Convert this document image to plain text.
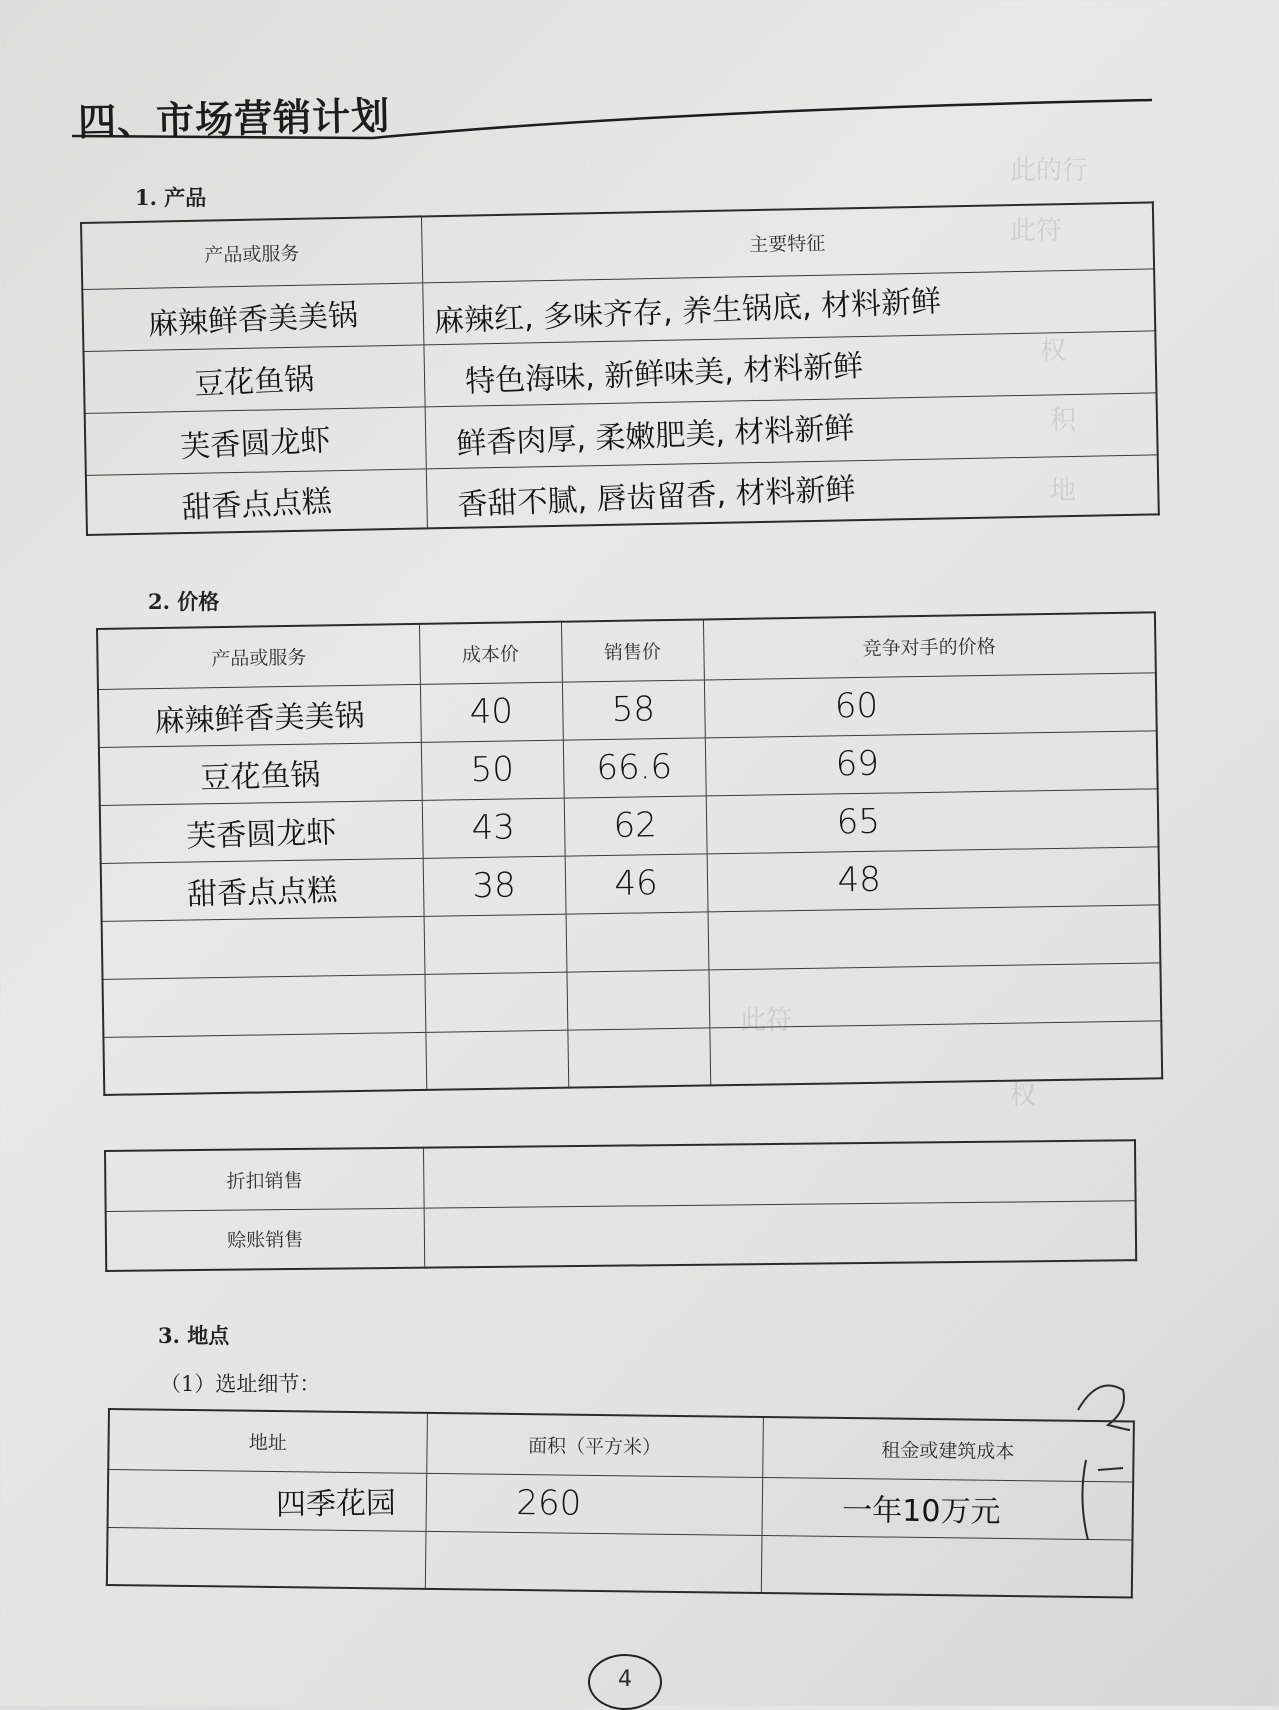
此的行
此符
权
积
地
此符
权
四、市场营销计划
1. 产品
产品或服务	主要特征
麻辣鲜香美美锅	麻辣红, 多味齐存, 养生锅底, 材料新鲜
豆花鱼锅	特色海味, 新鲜味美, 材料新鲜
芙香圆龙虾	鲜香肉厚, 柔嫩肥美, 材料新鲜
甜香点点糕	香甜不腻, 唇齿留香, 材料新鲜
2. 价格
产品或服务	成本价	销售价	竞争对手的价格
麻辣鲜香美美锅	40	58	60
豆花鱼锅	50	66.6	69
芙香圆龙虾	43	62	65
甜香点点糕	38	46	48

折扣销售	
赊账销售	
3. 地点
（1）选址细节：
地址	面积（平方米）	租金或建筑成本
四季花园	260	一年10万元

4
